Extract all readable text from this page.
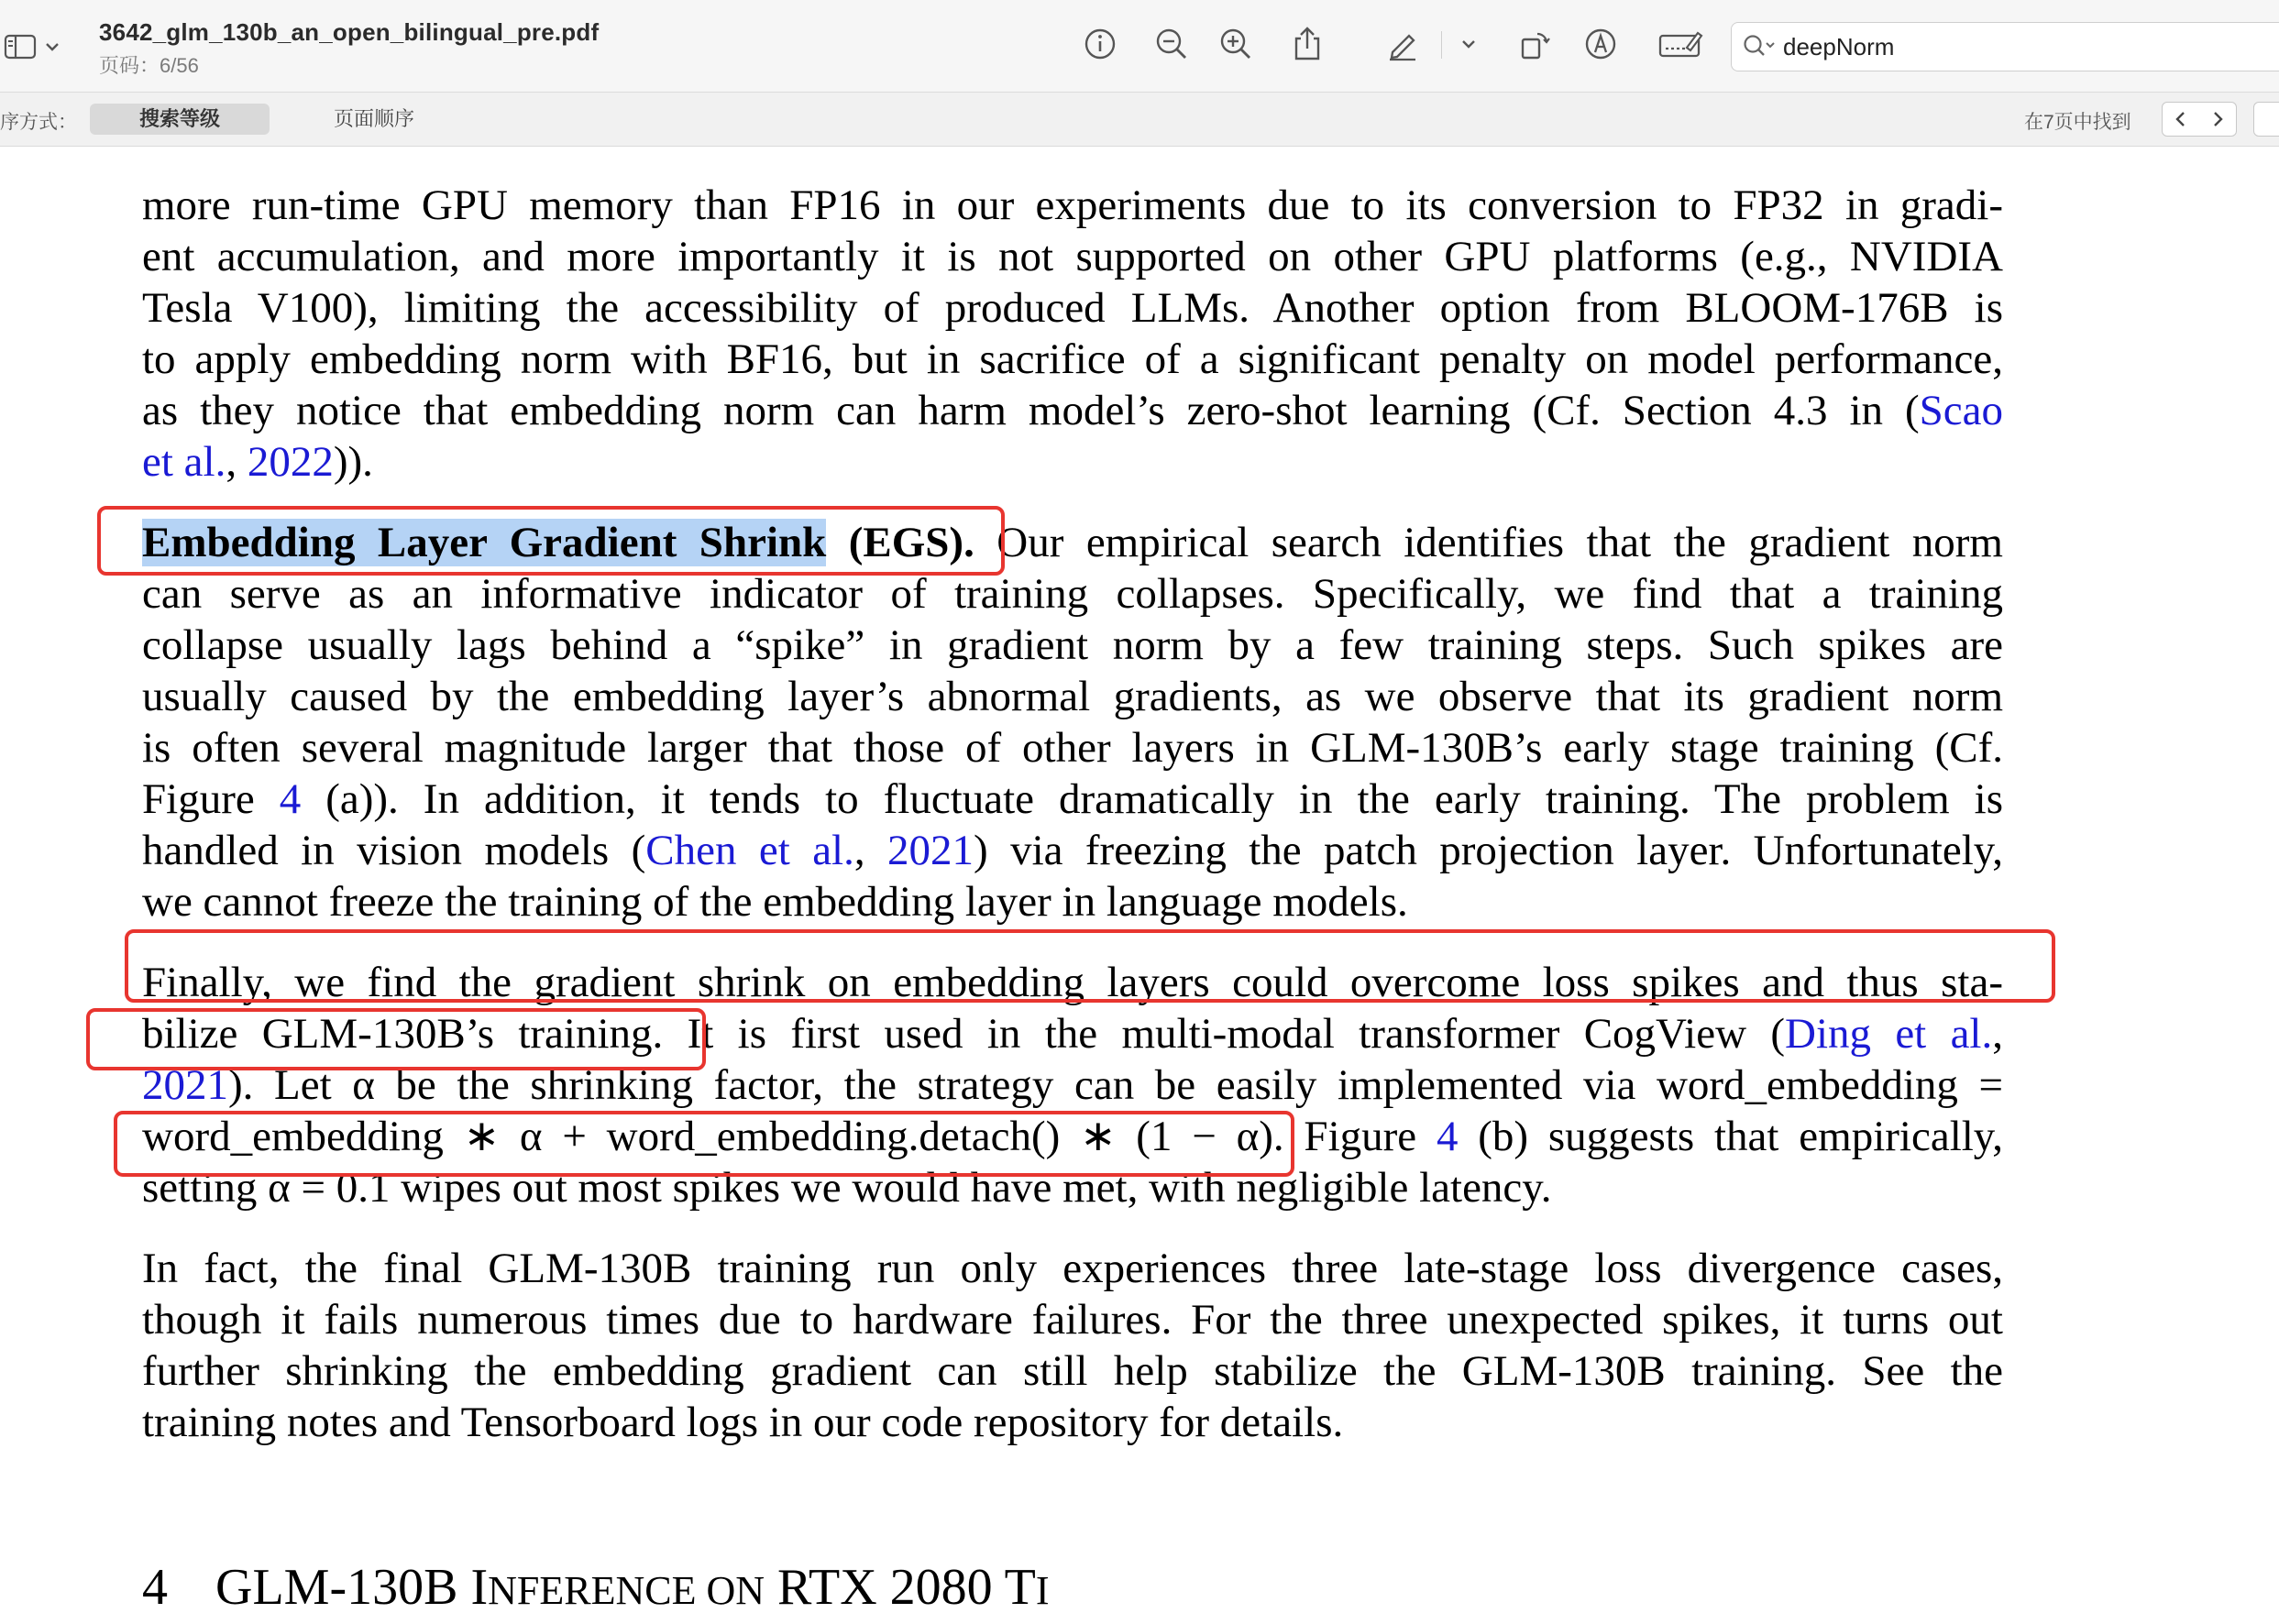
3642_glm_130b_an_open_bilingual_pre.pdf
页码：6/56
deepNorm
序方式：	搜索等级	页面顺序	在7页中找到
more run-time GPU memory than FP16 in our experiments due to its conversion to FP32 in gradi-
ent accumulation, and more importantly it is not supported on other GPU platforms (e.g., NVIDIA
Tesla V100), limiting the accessibility of produced LLMs. Another option from BLOOM-176B is
to apply embedding norm with BF16, but in sacrifice of a significant penalty on model performance,
as they notice that embedding norm can harm model’s zero-shot learning (Cf. Section 4.3 in (Scao
et al., 2022)).
Embedding Layer Gradient Shrink (EGS). Our empirical search identifies that the gradient norm
can serve as an informative indicator of training collapses. Specifically, we find that a training
collapse usually lags behind a “spike” in gradient norm by a few training steps. Such spikes are
usually caused by the embedding layer’s abnormal gradients, as we observe that its gradient norm
is often several magnitude larger that those of other layers in GLM-130B’s early stage training (Cf.
Figure 4 (a)). In addition, it tends to fluctuate dramatically in the early training. The problem is
handled in vision models (Chen et al., 2021) via freezing the patch projection layer. Unfortunately,
we cannot freeze the training of the embedding layer in language models.
Finally, we find the gradient shrink on embedding layers could overcome loss spikes and thus sta-
bilize GLM-130B’s training. It is first used in the multi-modal transformer CogView (Ding et al.,
2021). Let α be the shrinking factor, the strategy can be easily implemented via word_embedding =
word_embedding ∗ α + word_embedding.detach() ∗ (1 − α). Figure 4 (b) suggests that empirically,
setting α = 0.1 wipes out most spikes we would have met, with negligible latency.
In fact, the final GLM-130B training run only experiences three late-stage loss divergence cases,
though it fails numerous times due to hardware failures. For the three unexpected spikes, it turns out
further shrinking the embedding gradient can still help stabilize the GLM-130B training. See the
training notes and Tensorboard logs in our code repository for details.
4 GLM-130B INFERENCE ON RTX 2080 TI
